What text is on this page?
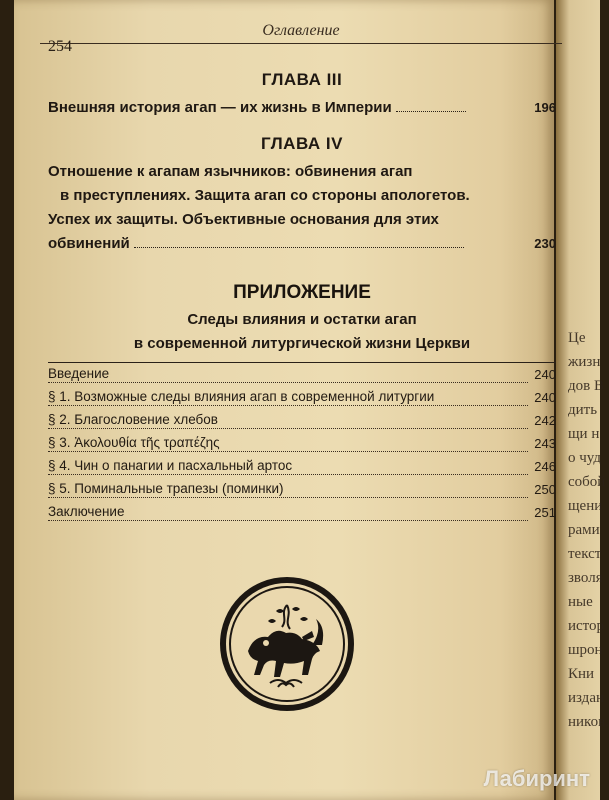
Це
жизн
дов В
дить
щи н
о чуд
собой
щени
рами
текст
зволя
ные
истор
шрон
Кни
издан
ников.
254
Оглавление
ГЛАВА III
Внешняя история агап — их жизнь в Империи	196
ГЛАВА IV
Отношение к агапам язычников: обвинения агап
в преступлениях. Защита агап со стороны апологетов.
Успех их защиты. Объективные основания для этих
обвинений	230
ПРИЛОЖЕНИЕ
Следы влияния и остатки агап
в современной литургической жизни Церкви
Введение	240
§ 1. Возможные следы влияния агап в современной литургии	240
§ 2. Благословение хлебов	242
§ 3. Ἀκολουθία τῆς τραπέζης	243
§ 4. Чин о панагии и пасхальный артос	246
§ 5. Поминальные трапезы (поминки)	250
Заключение	251
Лабиринт
